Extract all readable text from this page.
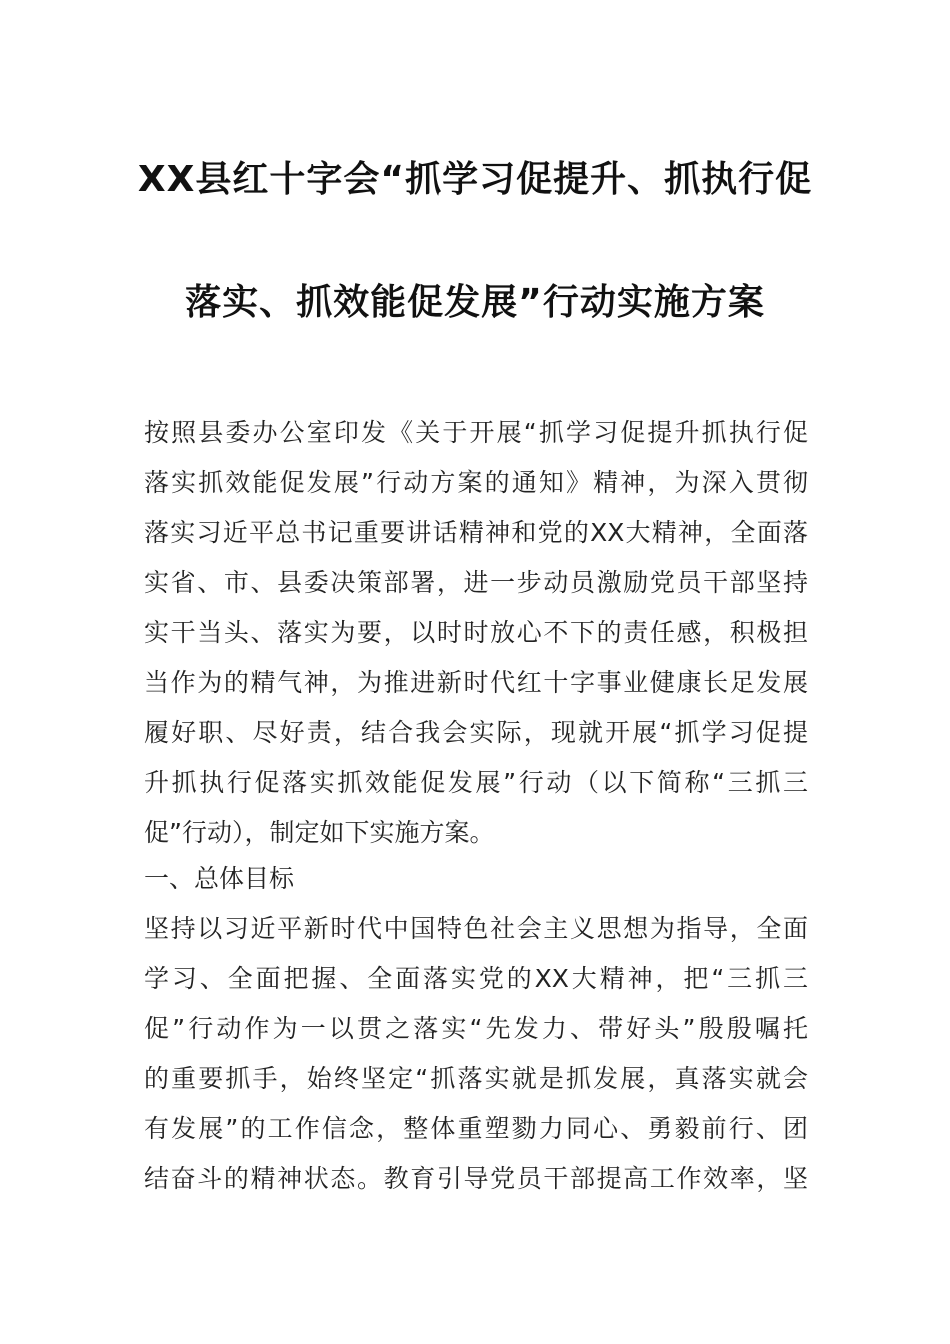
XX县红十字会“抓学习促提升、抓执行促
落实、抓效能促发展”行动实施方案
按照县委办公室印发《关于开展“抓学习促提升抓执行促
落实抓效能促发展”行动方案的通知》精神，为深入贯彻
落实习近平总书记重要讲话精神和党的XX大精神，全面落
实省、市、县委决策部署，进一步动员激励党员干部坚持
实干当头、落实为要，以时时放心不下的责任感，积极担
当作为的精气神，为推进新时代红十字事业健康长足发展
履好职、尽好责，结合我会实际，现就开展“抓学习促提
升抓执行促落实抓效能促发展”行动（以下简称“三抓三
促”行动），制定如下实施方案。
一、总体目标
坚持以习近平新时代中国特色社会主义思想为指导，全面
学习、全面把握、全面落实党的XX大精神，把“三抓三
促”行动作为一以贯之落实“先发力、带好头”殷殷嘱托
的重要抓手，始终坚定“抓落实就是抓发展，真落实就会
有发展”的工作信念，整体重塑勠力同心、勇毅前行、团
结奋斗的精神状态。教育引导党员干部提高工作效率，坚
